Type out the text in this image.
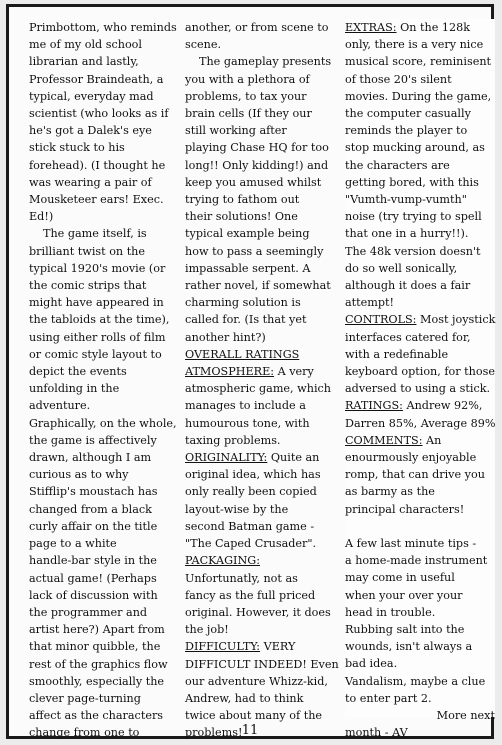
Primbottom, who reminds
me of my old school
librarian and lastly,
Professor Braindeath, a
typical, everyday mad
scientist (who looks as if
he's got a Dalek's eye
stick stuck to his
forehead). (I thought he
was wearing a pair of
Mousketeer ears! Exec.
Ed!)
The game itself, is
brilliant twist on the
typical 1920's movie (or
the comic strips that
might have appeared in
the tabloids at the time),
using either rolls of film
or comic style layout to
depict the events
unfolding in the
adventure.
Graphically, on the whole,
the game is affectively
drawn, although I am
curious as to why
Stifflip's moustach has
changed from a black
curly affair on the title
page to a white
handle-bar style in the
actual game! (Perhaps
lack of discussion with
the programmer and
artist here?) Apart from
that minor quibble, the
rest of the graphics flow
smoothly, especially the
clever page-turning
affect as the characters
change from one to
another, or from scene to
scene.
The gameplay presents
you with a plethora of
problems, to tax your
brain cells (If they our
still working after
playing Chase HQ for too
long!! Only kidding!) and
keep you amused whilst
trying to fathom out
their solutions! One
typical example being
how to pass a seemingly
impassable serpent. A
rather novel, if somewhat
charming solution is
called for. (Is that yet
another hint?)
OVERALL RATINGS
ATMOSPHERE: A very
atmospheric game, which
manages to include a
humourous tone, with
taxing problems.
ORIGINALITY: Quite an
original idea, which has
only really been copied
layout-wise by the
second Batman game -
"The Caped Crusader".
PACKAGING:
Unfortunatly, not as
fancy as the full priced
original. However, it does
the job!
DIFFICULTY: VERY
DIFFICULT INDEED! Even
our adventure Whizz-kid,
Andrew, had to think
twice about many of the
problems!
EXTRAS: On the 128k
only, there is a very nice
musical score, reminisent
of those 20's silent
movies. During the game,
the computer casually
reminds the player to
stop mucking around, as
the characters are
getting bored, with this
"Vumth-vump-vumth"
noise (try trying to spell
that one in a hurry!!).
The 48k version doesn't
do so well sonically,
although it does a fair
attempt!
CONTROLS: Most joystick
interfaces catered for,
with a redefinable
keyboard option, for those
adversed to using a stick.
RATINGS: Andrew 92%,
Darren 85%, Average 89%
COMMENTS: An
enourmously enjoyable
romp, that can drive you
as barmy as the
principal characters!
A few last minute tips -
a home-made instrument
may come in useful
when your over your
head in trouble.
Rubbing salt into the
wounds, isn't always a
bad idea.
Vandalism, maybe a clue
to enter part 2.
More next
month - AV
11
